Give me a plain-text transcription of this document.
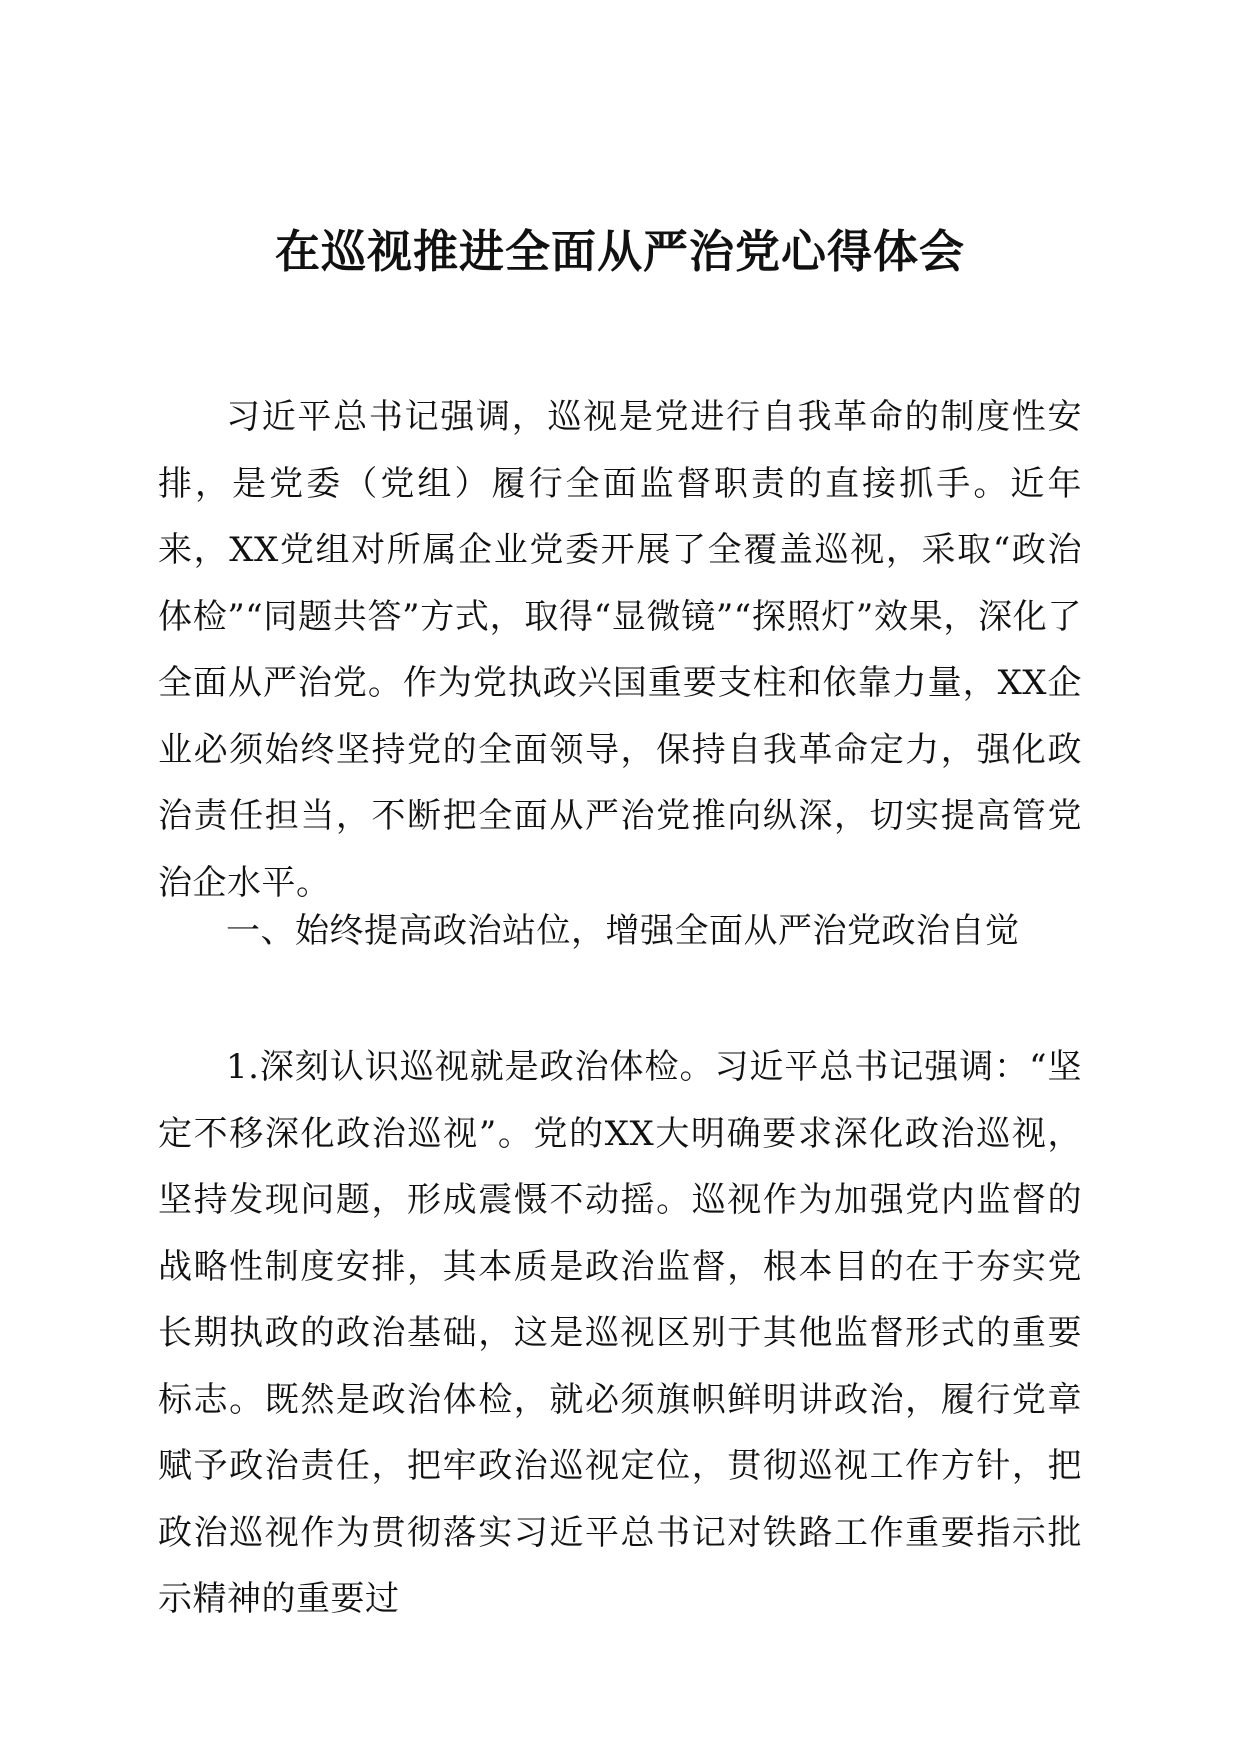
在巡视推进全面从严治党心得体会

习近平总书记强调，巡视是党进行自我革命的制度性安排，是党委（党组）履行全面监督职责的直接抓手。近年来，XX党组对所属企业党委开展了全覆盖巡视，采取“政治体检”“同题共答”方式，取得“显微镜”“探照灯”效果，深化了全面从严治党。作为党执政兴国重要支柱和依靠力量，XX企业必须始终坚持党的全面领导，保持自我革命定力，强化政治责任担当，不断把全面从严治党推向纵深，切实提高管党治企水平。

一、始终提高政治站位，增强全面从严治党政治自觉

1.深刻认识巡视就是政治体检。习近平总书记强调：“坚定不移深化政治巡视”。党的XX大明确要求深化政治巡视，坚持发现问题，形成震慑不动摇。巡视作为加强党内监督的战略性制度安排，其本质是政治监督，根本目的在于夯实党长期执政的政治基础，这是巡视区别于其他监督形式的重要标志。既然是政治体检，就必须旗帜鲜明讲政治，履行党章赋予政治责任，把牢政治巡视定位，贯彻巡视工作方针，把政治巡视作为贯彻落实习近平总书记对铁路工作重要指示批示精神的重要过
